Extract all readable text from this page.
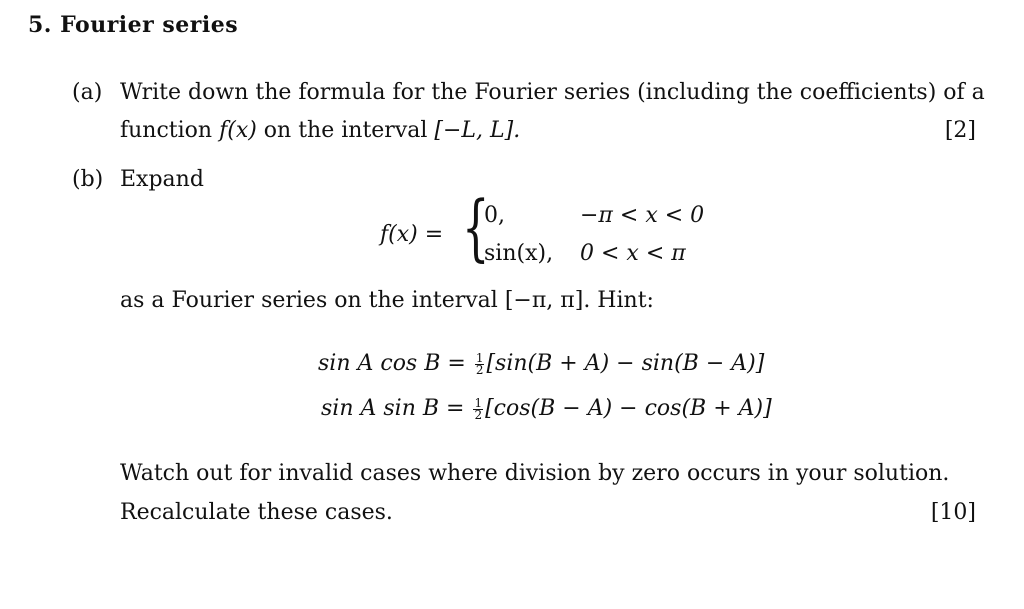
5. Fourier series
(a) Write down the formula for the Fourier series (including the coefficients) of a
function f(x) on the interval [−L, L].	[2]
(b) Expand
f(x) = {
0,	−π < x < 0
sin(x), 0 < x < π
as a Fourier series on the interval [−π, π]. Hint:
sin A $\cos B = \frac{1}{2} [\sin(B + A) - \sin(B - A)]$
sin A $\sin B = \frac{1}{2} [\cos(B - A) - \cos(B + A)]$
Watch out for invalid cases where division by zero occurs in your solution.
Recalculate these cases.	[10]
